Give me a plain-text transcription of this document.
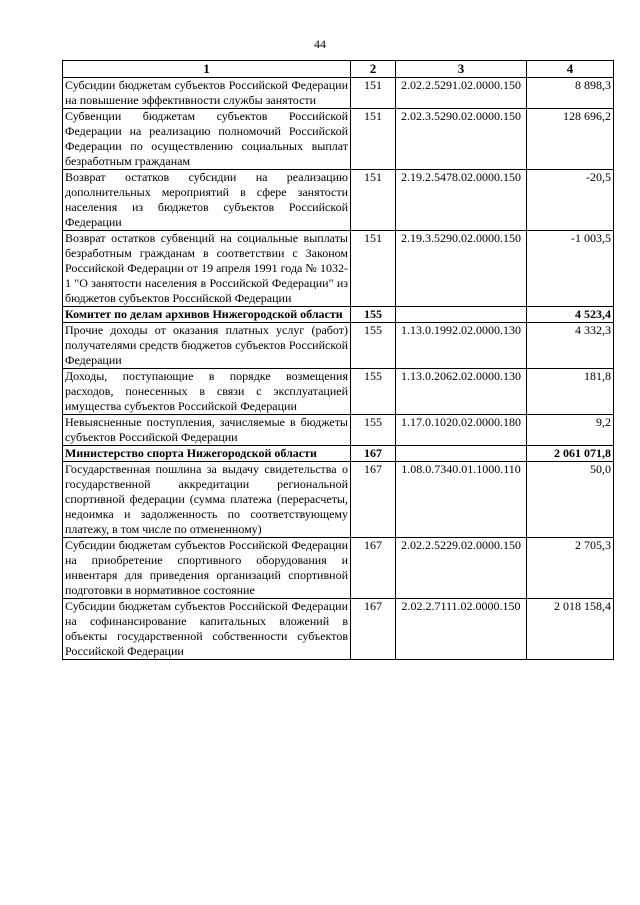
44
1	2	3	4
Субсидии бюджетам субъектов Российской Федерации на повышение эффективности службы занятости	151	2.02.2.5291.02.0000.150	8 898,3
Субвенции бюджетам субъектов Российской Федерации на реализацию полномочий Российской Федерации по осуществлению социальных выплат безработным гражданам	151	2.02.3.5290.02.0000.150	128 696,2
Возврат остатков субсидии на реализацию дополнительных мероприятий в сфере занятости населения из бюджетов субъектов Российской Федерации	151	2.19.2.5478.02.0000.150	-20,5
Возврат остатков субвенций на социальные выплаты безработным гражданам в соответствии с Законом Российской Федерации от 19 апреля 1991 года № 1032-1 "О занятости населения в Российской Федерации" из бюджетов субъектов Российской Федерации	151	2.19.3.5290.02.0000.150	-1 003,5
Комитет по делам архивов Нижегородской области	155		4 523,4
Прочие доходы от оказания платных услуг (работ) получателями средств бюджетов субъектов Российской Федерации	155	1.13.0.1992.02.0000.130	4 332,3
Доходы, поступающие в порядке возмещения расходов, понесенных в связи с эксплуатацией имущества субъектов Российской Федерации	155	1.13.0.2062.02.0000.130	181,8
Невыясненные поступления, зачисляемые в бюджеты субъектов Российской Федерации	155	1.17.0.1020.02.0000.180	9,2
Министерство спорта Нижегородской области	167		2 061 071,8
Государственная пошлина за выдачу свидетельства о государственной аккредитации региональной спортивной федерации (сумма платежа (перерасчеты, недоимка и задолженность по соответствующему платежу, в том числе по отмененному)	167	1.08.0.7340.01.1000.110	50,0
Субсидии бюджетам субъектов Российской Федерации на приобретение спортивного оборудования и инвентаря для приведения организаций спортивной подготовки в нормативное состояние	167	2.02.2.5229.02.0000.150	2 705,3
Субсидии бюджетам субъектов Российской Федерации на софинансирование капитальных вложений в объекты государственной собственности субъектов Российской Федерации	167	2.02.2.7111.02.0000.150	2 018 158,4
